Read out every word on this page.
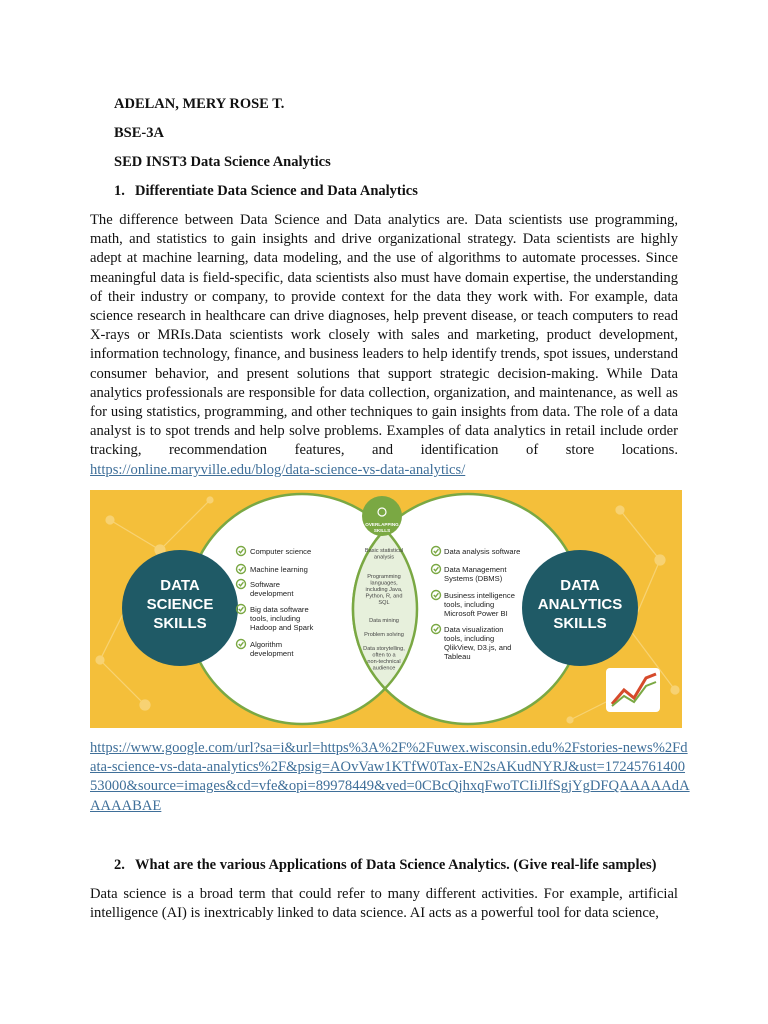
ADELAN, MERY ROSE T.
BSE-3A
SED INST3 Data Science Analytics
1. Differentiate Data Science and Data Analytics

The difference between Data Science and Data analytics are. Data scientists use programming, math, and statistics to gain insights and drive organizational strategy. Data scientists are highly adept at machine learning, data modeling, and the use of algorithms to automate processes. Since meaningful data is field-specific, data scientists also must have domain expertise, the understanding of their industry or company, to provide context for the data they work with. For example, data science research in healthcare can drive diagnoses, help prevent disease, or teach computers to read X-rays or MRIs.Data scientists work closely with sales and marketing, product development, information technology, finance, and business leaders to help identify trends, spot issues, understand consumer behavior, and present solutions that support strategic decision-making. While Data analytics professionals are responsible for data collection, organization, and maintenance, as well as for using statistics, programming, and other techniques to gain insights from data. The role of a data analyst is to spot trends and help solve problems. Examples of data analytics in retail include order tracking, recommendation features, and identification of store locations. https://online.maryville.edu/blog/data-science-vs-data-analytics/

DATA
SCIENCE
SKILLS
DATA
ANALYTICS
SKILLS
OVERLAPPING
SKILLS
Computer science
Machine learning
Software
development
Big data software
tools, including
Hadoop and Spark
Algorithm
development
Data analysis software
Data Management
Systems (DBMS)
Business intelligence
tools, including
Microsoft Power BI
Data visualization
tools, including
QlikView, D3.js, and
Tableau
Basic statistical
analysis
Programming
languages,
including Java,
Python, R, and
SQL
Data mining
Problem solving
Data storytelling,
often to a
non-technical
audience

https://www.google.com/url?sa=i&url=https%3A%2F%2Fuwex.wisconsin.edu%2Fstories-news%2Fdata-science-vs-data-analytics%2F&psig=AOvVaw1KTfW0Tax-EN2sAKudNYRJ&ust=1724576140053000&source=images&cd=vfe&opi=89978449&ved=0CBcQjhxqFwoTCIiJlfSgjYgDFQAAAAAdAAAAABAE

2. What are the various Applications of Data Science Analytics. (Give real-life samples)

Data science is a broad term that could refer to many different activities. For example, artificial intelligence (AI) is inextricably linked to data science. AI acts as a powerful tool for data science,
